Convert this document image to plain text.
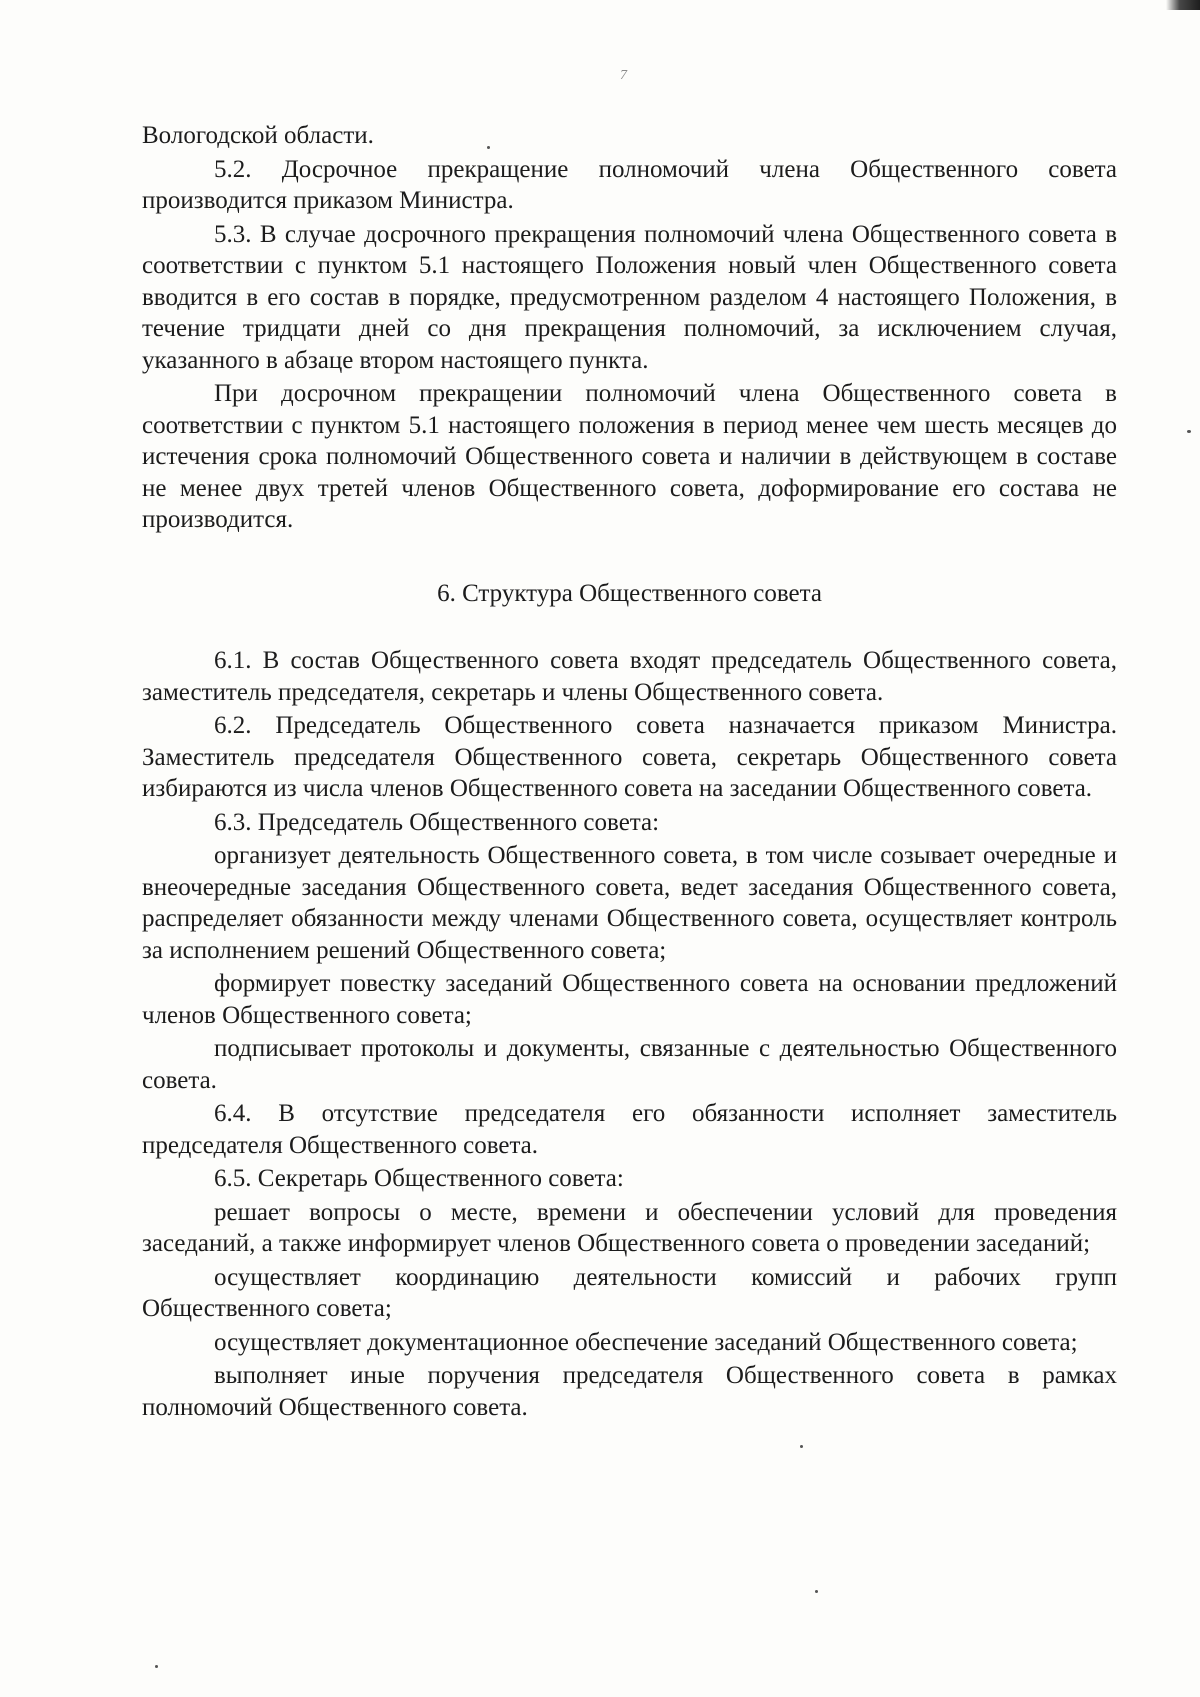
7

Вологодской области.

5.2. Досрочное прекращение полномочий члена Общественного совета производится приказом Министра.

5.3. В случае досрочного прекращения полномочий члена Общественного совета в соответствии с пунктом 5.1 настоящего Положения новый член Общественного совета вводится в его состав в порядке, предусмотренном разделом 4 настоящего Положения, в течение тридцати дней со дня прекращения полномочий, за исключением случая, указанного в абзаце втором настоящего пункта.

При досрочном прекращении полномочий члена Общественного совета в соответствии с пунктом 5.1 настоящего положения в период менее чем шесть месяцев до истечения срока полномочий Общественного совета и наличии в действующем в составе не менее двух третей членов Общественного совета, доформирование его состава не производится.

6. Структура Общественного совета

6.1. В состав Общественного совета входят председатель Общественного совета, заместитель председателя, секретарь и члены Общественного совета.

6.2. Председатель Общественного совета назначается приказом Министра. Заместитель председателя Общественного совета, секретарь Общественного совета избираются из числа членов Общественного совета на заседании Общественного совета.

6.3. Председатель Общественного совета:

организует деятельность Общественного совета, в том числе созывает очередные и внеочередные заседания Общественного совета, ведет заседания Общественного совета, распределяет обязанности между членами Общественного совета, осуществляет контроль за исполнением решений Общественного совета;

формирует повестку заседаний Общественного совета на основании предложений членов Общественного совета;

подписывает протоколы и документы, связанные с деятельностью Общественного совета.

6.4. В отсутствие председателя его обязанности исполняет заместитель председателя Общественного совета.

6.5. Секретарь Общественного совета:

решает вопросы о месте, времени и обеспечении условий для проведения заседаний, а также информирует членов Общественного совета о проведении заседаний;

осуществляет координацию деятельности комиссий и рабочих групп Общественного совета;

осуществляет документационное обеспечение заседаний Общественного совета;

выполняет иные поручения председателя Общественного совета в рамках полномочий Общественного совета.
